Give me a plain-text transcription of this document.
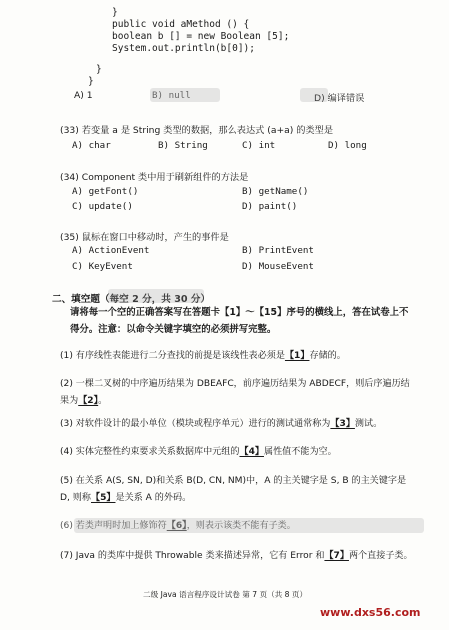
}
public void aMethod () {
boolean b [] = new Boolean [5];
System.out.println(b[0]);
}
}
A) 1	B) null	D) 编译错误
(33) 若变量 a 是 String 类型的数据，那么表达式 (a+a) 的类型是
A) char	B) String	C) int	D) long
(34) Component 类中用于刷新组件的方法是
A) getFont()	B) getName()
C) update()	D) paint()
(35) 鼠标在窗口中移动时，产生的事件是
A) ActionEvent	B) PrintEvent
C) KeyEvent	D) MouseEvent
二、填空题（每空 2 分，共 30 分）
请将每一个空的正确答案写在答题卡【1】～【15】序号的横线上，答在试卷上不得分。注意：以命令关键字填空的必须拼写完整。
(1) 有序线性表能进行二分查找的前提是该线性表必须是【1】存储的。
(2) 一棵二叉树的中序遍历结果为 DBEAFC，前序遍历结果为 ABDECF，则后序遍历结果为【2】。
(3) 对软件设计的最小单位（模块或程序单元）进行的测试通常称为【3】测试。
(4) 实体完整性约束要求关系数据库中元组的【4】属性值不能为空。
(5) 在关系 A(S, SN, D)和关系 B(D, CN, NM)中，A 的主关键字是 S, B 的主关键字是 D, 则称【5】是关系 A 的外码。
(6) 若类声明时加上修饰符【6】，则表示该类不能有子类。
(7) Java 的类库中提供 Throwable 类来描述异常，它有 Error 和【7】两个直接子类。
二级 Java 语言程序设计试卷 第 7 页（共 8 页）
www.dxs56.com
